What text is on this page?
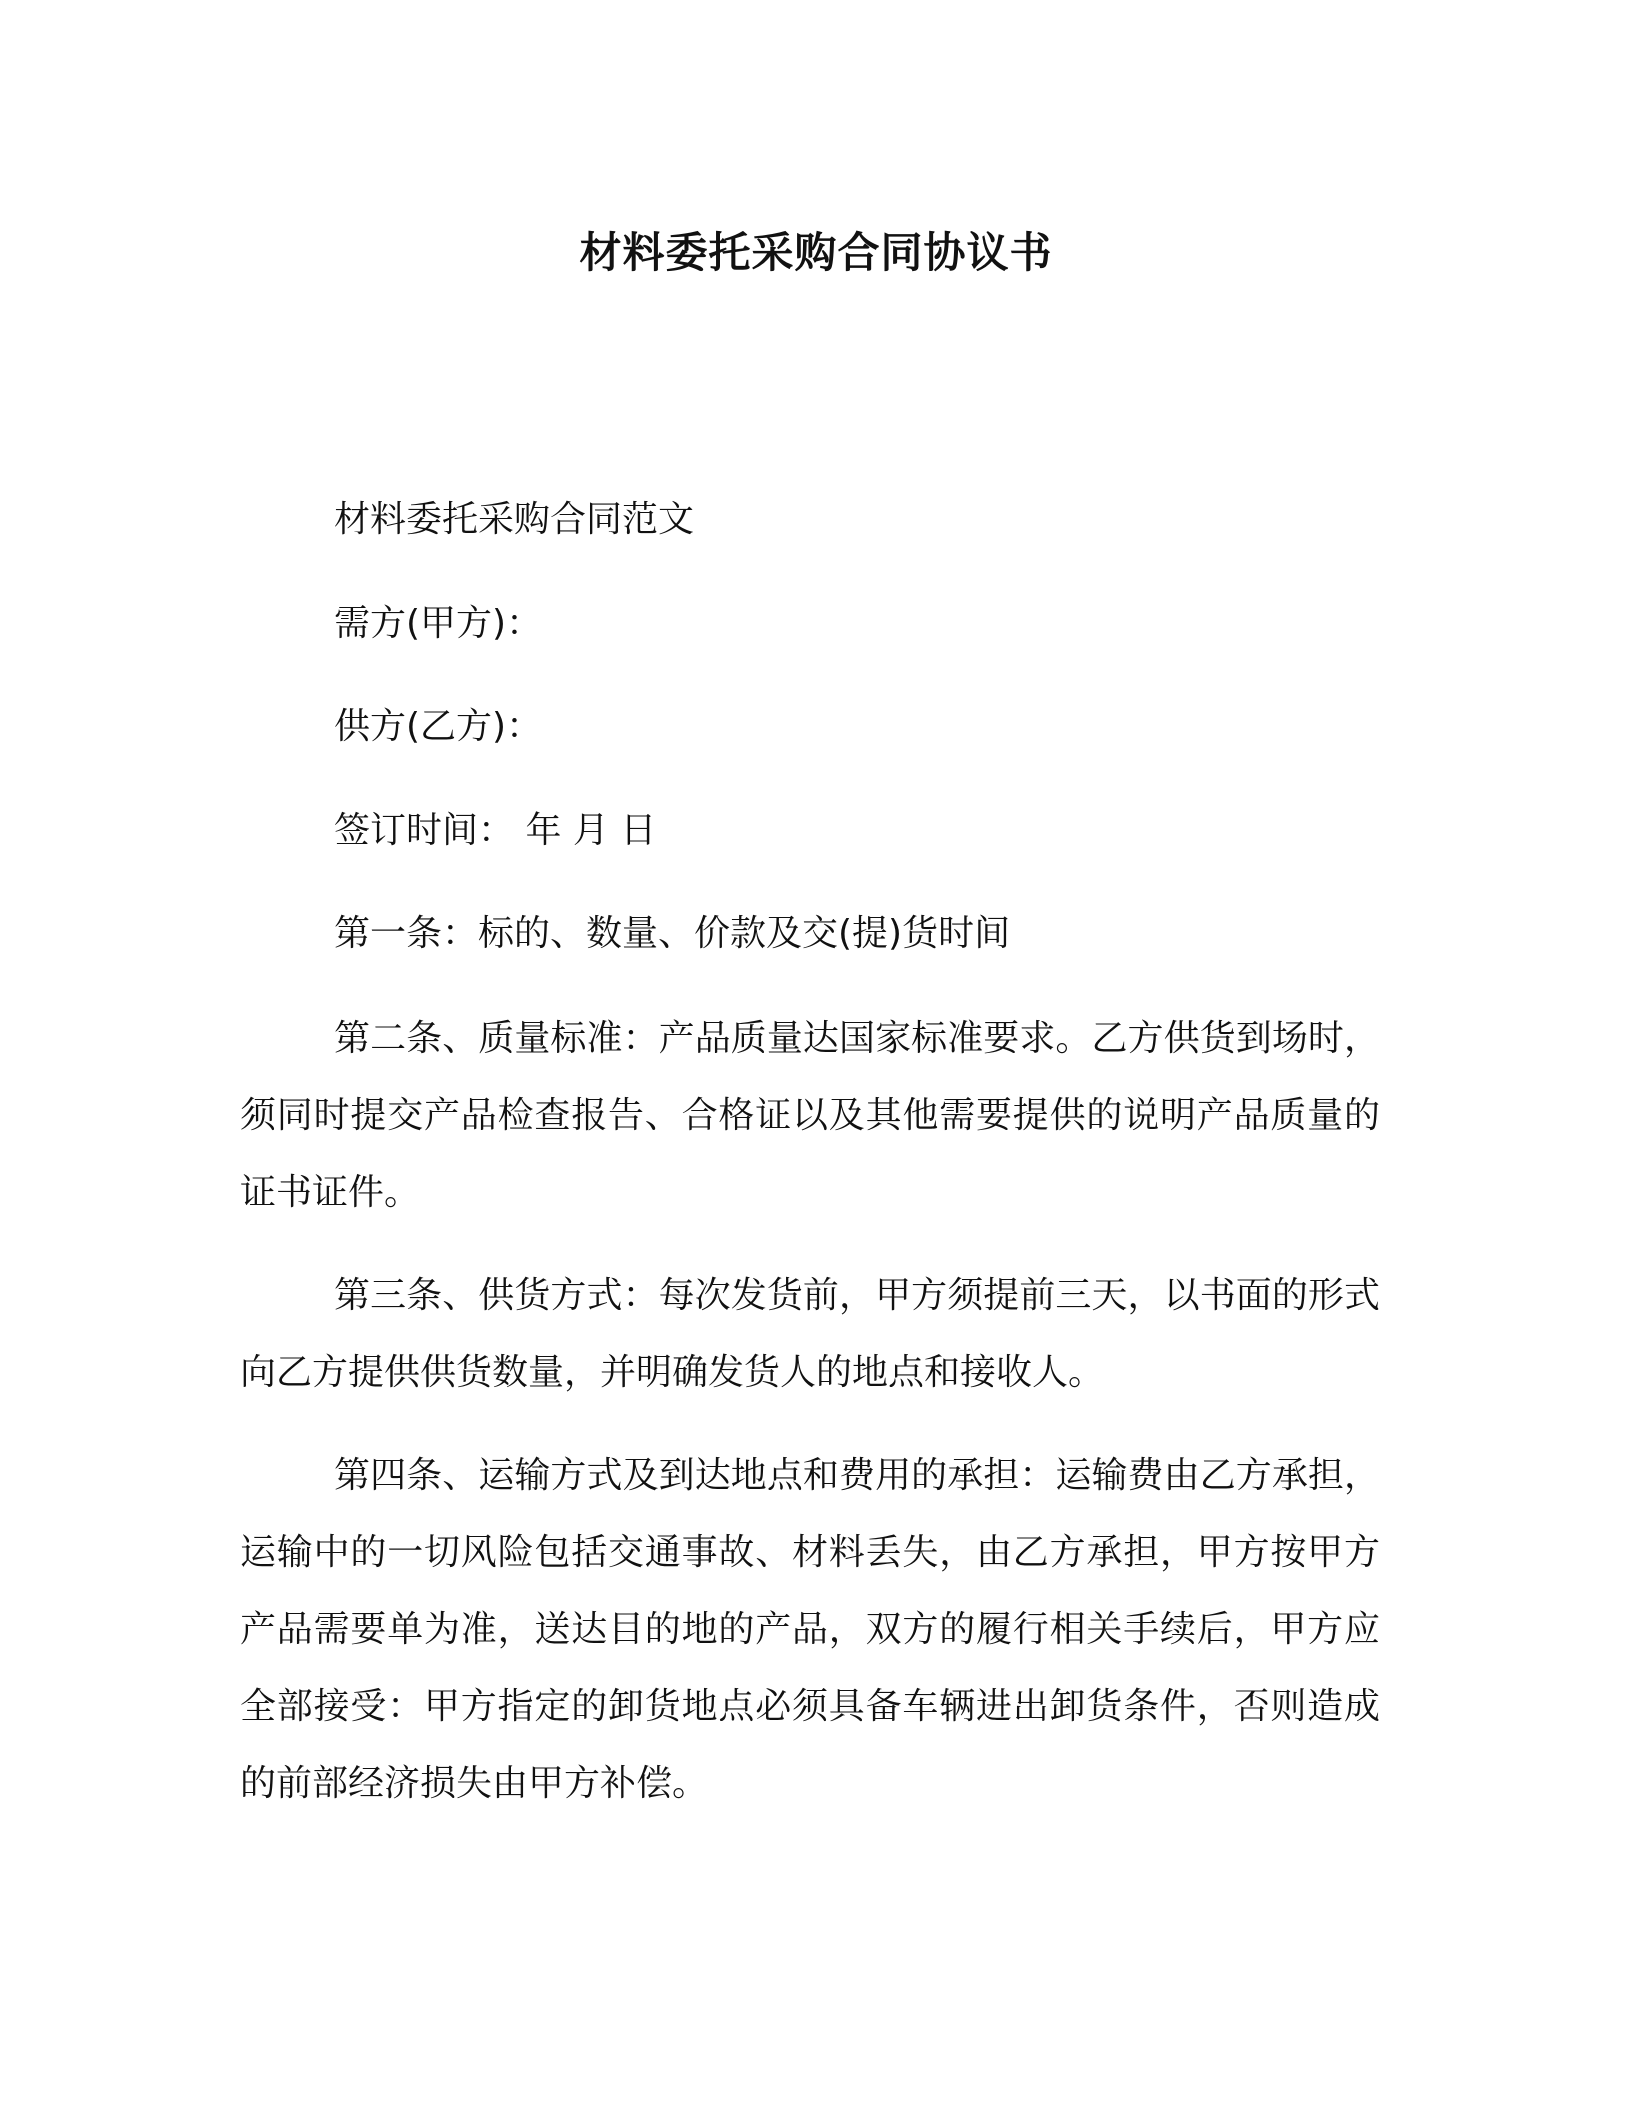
材料委托采购合同协议书
材料委托采购合同范文
需方(甲方)：
供方(乙方)：
签订时间： 年 月 日
第一条：标的、数量、价款及交(提)货时间
第二条、质量标准：产品质量达国家标准要求。乙方供货到场时，须同时提交产品检查报告、合格证以及其他需要提供的说明产品质量的证书证件。
第三条、供货方式：每次发货前，甲方须提前三天，以书面的形式向乙方提供供货数量，并明确发货人的地点和接收人。
第四条、运输方式及到达地点和费用的承担：运输费由乙方承担，运输中的一切风险包括交通事故、材料丢失，由乙方承担，甲方按甲方产品需要单为准，送达目的地的产品，双方的履行相关手续后，甲方应全部接受：甲方指定的卸货地点必须具备车辆进出卸货条件，否则造成的前部经济损失由甲方补偿。
